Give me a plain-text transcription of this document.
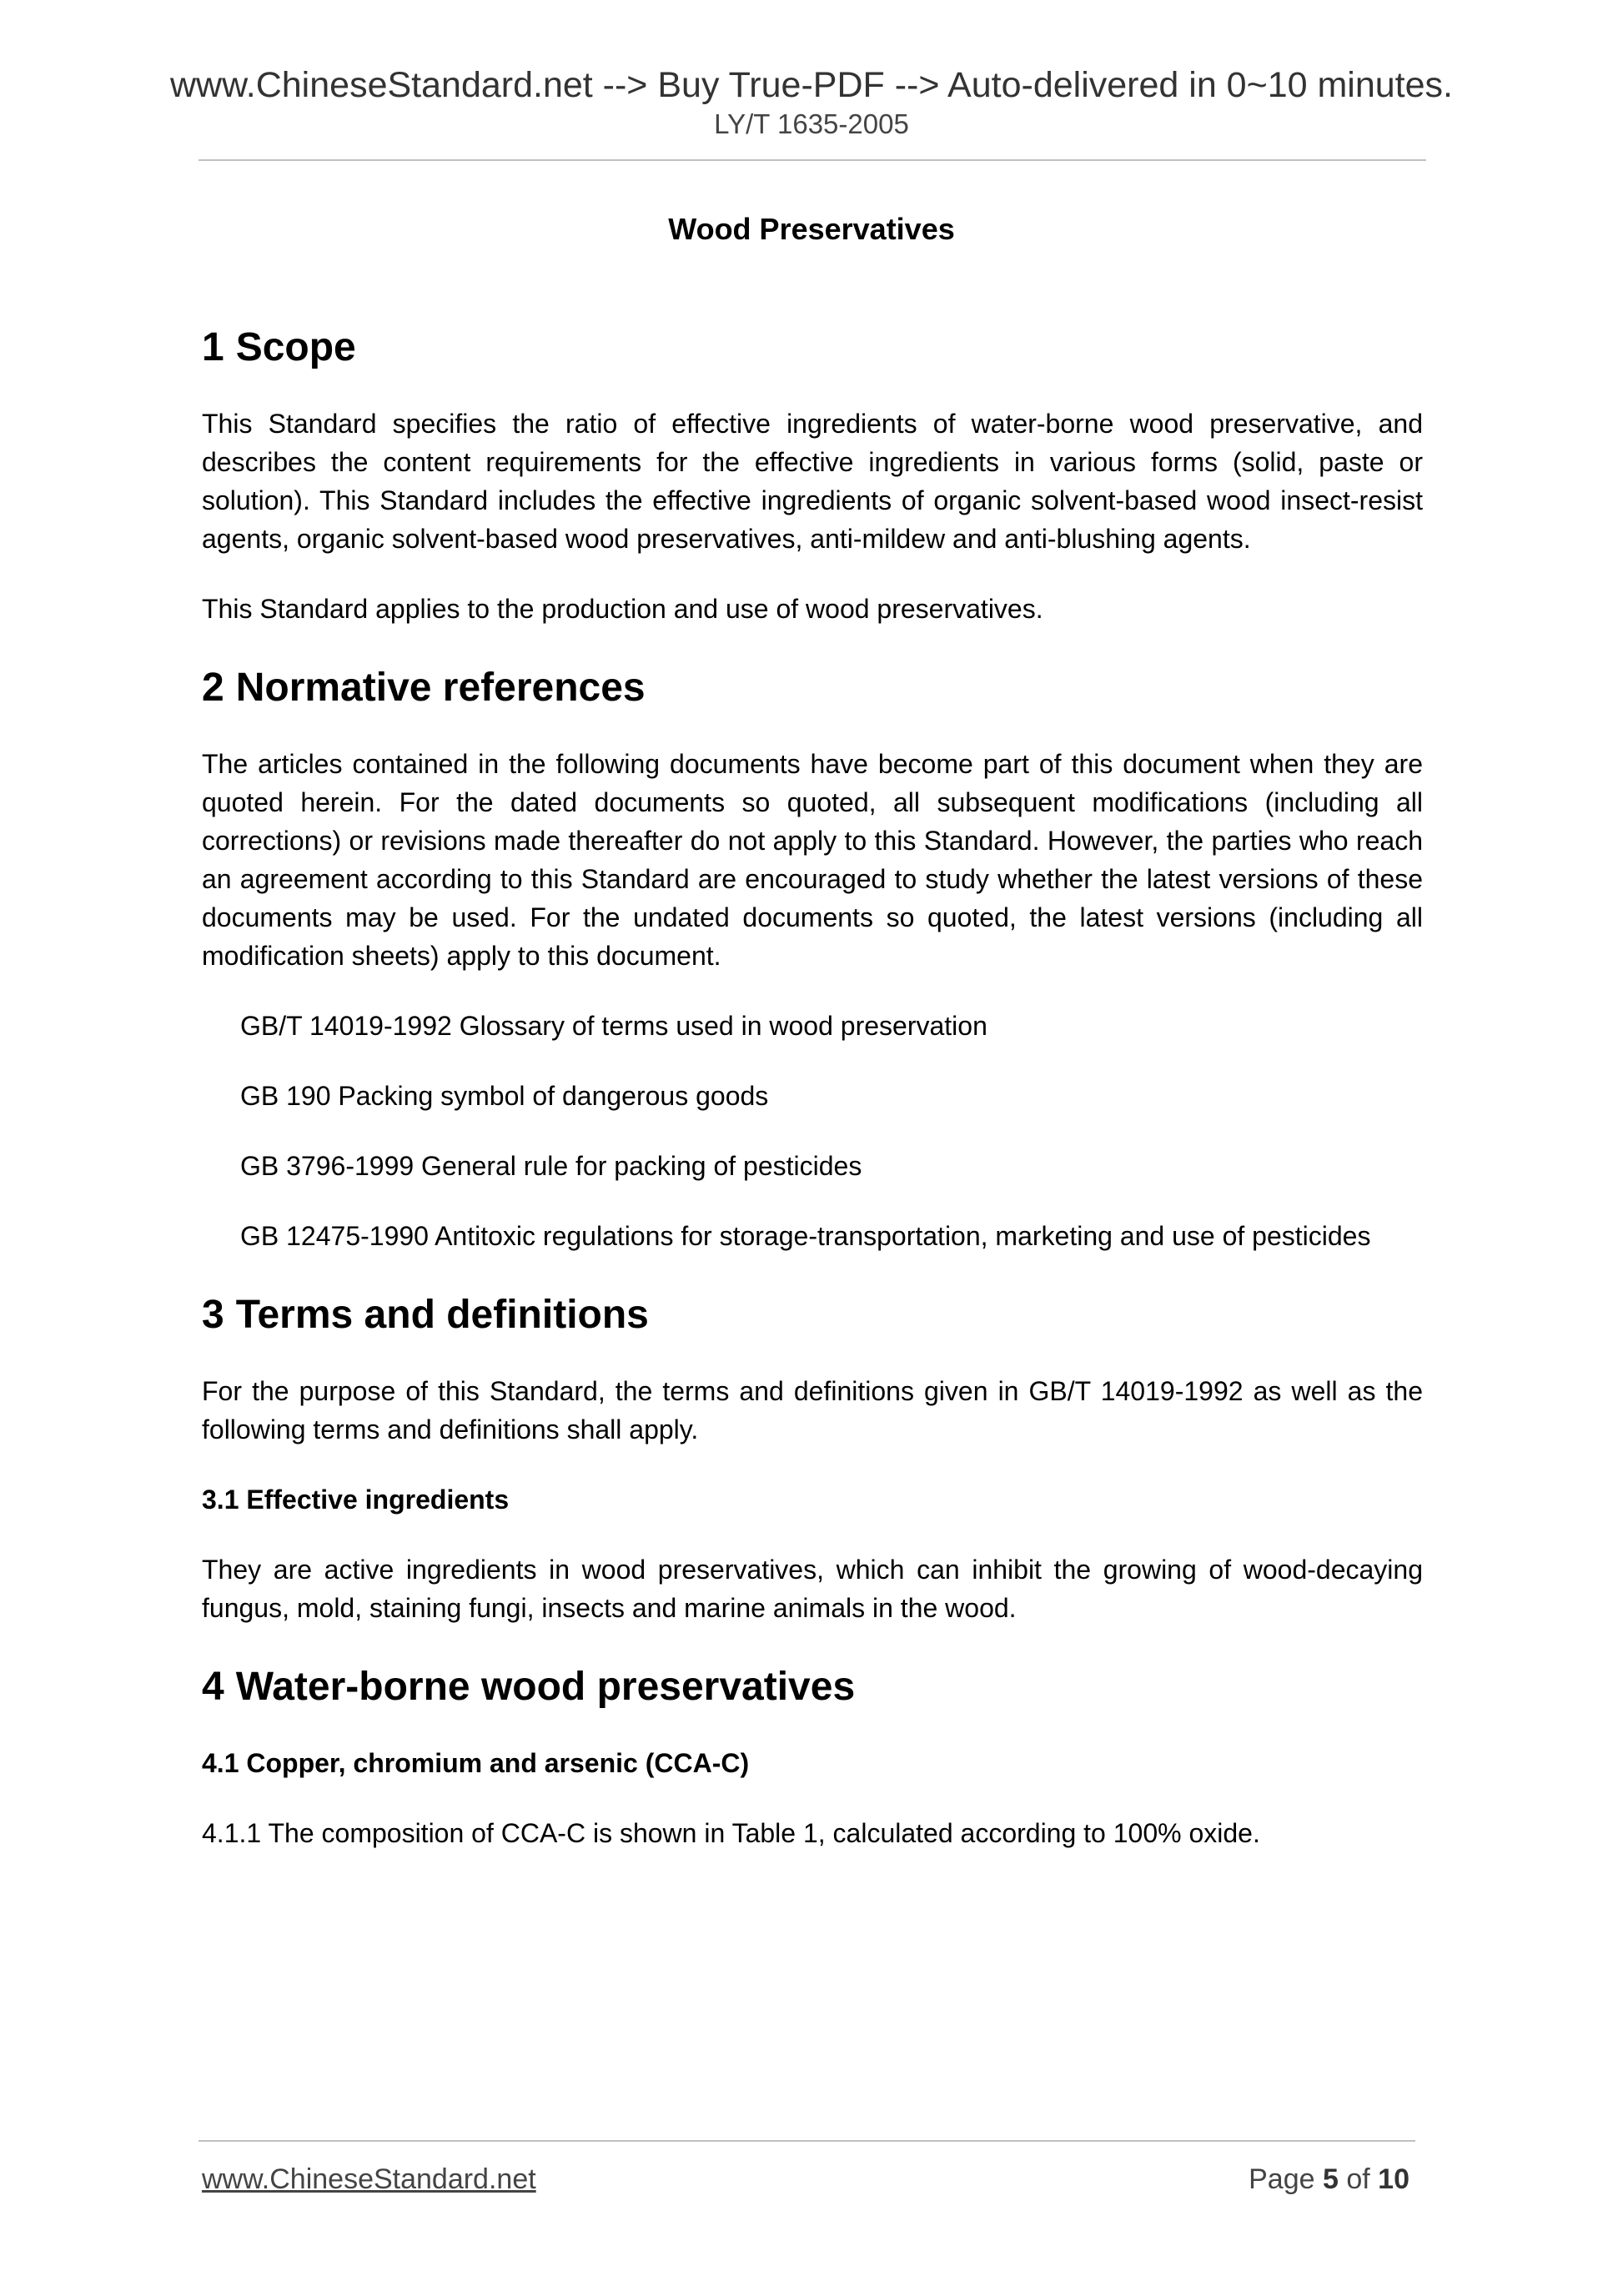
www.ChineseStandard.net --> Buy True-PDF --> Auto-delivered in 0~10 minutes.
LY/T 1635-2005
Wood Preservatives
1 Scope

This Standard specifies the ratio of effective ingredients of water-borne wood preservative, and describes the content requirements for the effective ingredients in various forms (solid, paste or solution). This Standard includes the effective ingredients of organic solvent-based wood insect-resist agents, organic solvent-based wood preservatives, anti-mildew and anti-blushing agents.

This Standard applies to the production and use of wood preservatives.

2 Normative references

The articles contained in the following documents have become part of this document when they are quoted herein. For the dated documents so quoted, all subsequent modifications (including all corrections) or revisions made thereafter do not apply to this Standard. However, the parties who reach an agreement according to this Standard are encouraged to study whether the latest versions of these documents may be used. For the undated documents so quoted, the latest versions (including all modification sheets) apply to this document.

GB/T 14019-1992 Glossary of terms used in wood preservation

GB 190 Packing symbol of dangerous goods

GB 3796-1999 General rule for packing of pesticides

GB 12475-1990 Antitoxic regulations for storage-transportation, marketing and use of pesticides

3 Terms and definitions

For the purpose of this Standard, the terms and definitions given in GB/T 14019-1992 as well as the following terms and definitions shall apply.

3.1 Effective ingredients

They are active ingredients in wood preservatives, which can inhibit the growing of wood-decaying fungus, mold, staining fungi, insects and marine animals in the wood.

4 Water-borne wood preservatives

4.1 Copper, chromium and arsenic (CCA-C)

4.1.1 The composition of CCA-C is shown in Table 1, calculated according to 100% oxide.

www.ChineseStandard.net	Page 5 of 10
